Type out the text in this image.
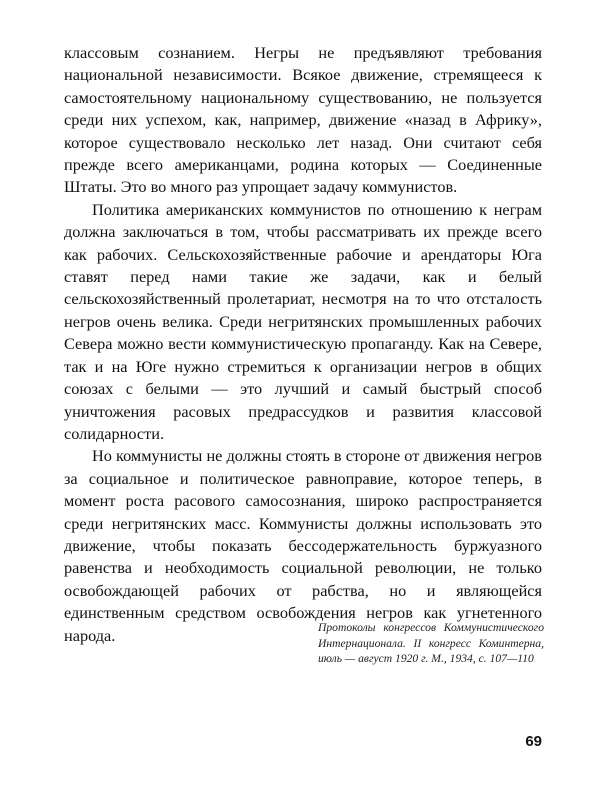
классовым сознанием. Негры не предъявляют требования национальной независимости. Всякое движение, стремящееся к самостоятельному национальному существованию, не пользуется среди них успехом, как, например, движение «назад в Африку», которое существовало несколько лет назад. Они считают себя прежде всего американцами, родина которых — Соединенные Штаты. Это во много раз упрощает задачу коммунистов.

Политика американских коммунистов по отношению к неграм должна заключаться в том, чтобы рассматривать их прежде всего как рабочих. Сельскохозяйственные рабочие и арендаторы Юга ставят перед нами такие же задачи, как и белый сельскохозяйственный пролетариат, несмотря на то что отсталость негров очень велика. Среди негритянских промышленных рабочих Севера можно вести коммунистическую пропаганду. Как на Севере, так и на Юге нужно стремиться к организации негров в общих союзах с белыми — это лучший и самый быстрый способ уничтожения расовых предрассудков и развития классовой солидарности.

Но коммунисты не должны стоять в стороне от движения негров за социальное и политическое равноправие, которое теперь, в момент роста расового самосознания, широко распространяется среди негритянских масс. Коммунисты должны использовать это движение, чтобы показать бессодержательность буржуазного равенства и необходимость социальной революции, не только освобождающей рабочих от рабства, но и являющейся единственным средством освобождения негров как угнетенного народа.	Протоколы конгрессов Коммунистического Интернационала. II конгресс Коминтерна, июль — август 1920 г. М., 1934, с. 107—110
69
